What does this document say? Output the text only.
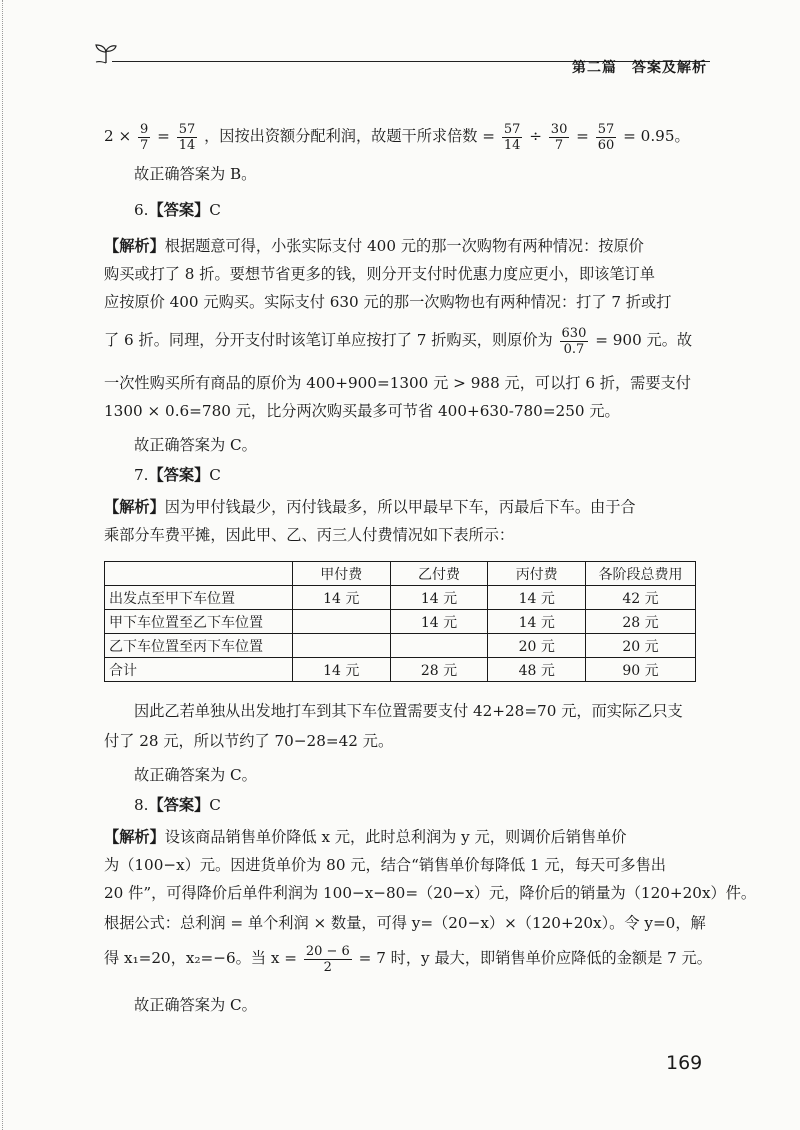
第二篇　答案及解析
$2 \times \frac{9}{7} = \frac{57}{14}$ ，因按出资额分配利润，故题干所求倍数 = $\frac{57}{14} \div \frac{30}{7} = \frac{57}{60} = 0.95$。
故正确答案为 B。
6.【答案】C
【解析】根据题意可得，小张实际支付 400 元的那一次购物有两种情况：按原价
购买或打了 8 折。要想节省更多的钱，则分开支付时优惠力度应更小，即该笔订单
应按原价 400 元购买。实际支付 630 元的那一次购物也有两种情况：打了 7 折或打
了 6 折。同理，分开支付时该笔订单应按打了 7 折购买，则原价为 $\frac{630}{0.7} = 900$ 元。故
一次性购买所有商品的原价为 400+900=1300 元 > 988 元，可以打 6 折，需要支付
1300 × 0.6=780 元，比分两次购买最多可节省 400+630-780=250 元。
故正确答案为 C。
7.【答案】C
【解析】因为甲付钱最少，丙付钱最多，所以甲最早下车，丙最后下车。由于合
乘部分车费平摊，因此甲、乙、丙三人付费情况如下表所示：
	甲付费	乙付费	丙付费	各阶段总费用
出发点至甲下车位置	14 元	14 元	14 元	42 元
甲下车位置至乙下车位置		14 元	14 元	28 元
乙下车位置至丙下车位置			20 元	20 元
合计	14 元	28 元	48 元	90 元
因此乙若单独从出发地打车到其下车位置需要支付 42+28=70 元，而实际乙只支
付了 28 元，所以节约了 70−28=42 元。
故正确答案为 C。
8.【答案】C
【解析】设该商品销售单价降低 x 元，此时总利润为 y 元，则调价后销售单价
为（100−x）元。因进货单价为 80 元，结合“销售单价每降低 1 元，每天可多售出
20 件”，可得降价后单件利润为 100−x−80=（20−x）元，降价后的销量为（120+20x）件。
根据公式：总利润 = 单个利润 × 数量，可得 y=（20−x）×（120+20x）。令 y=0，解
得 x₁=20，x₂=−6。当 $x = \frac{20 - 6}{2} = 7$ 时，y 最大，即销售单价应降低的金额是 7 元。
故正确答案为 C。
169
